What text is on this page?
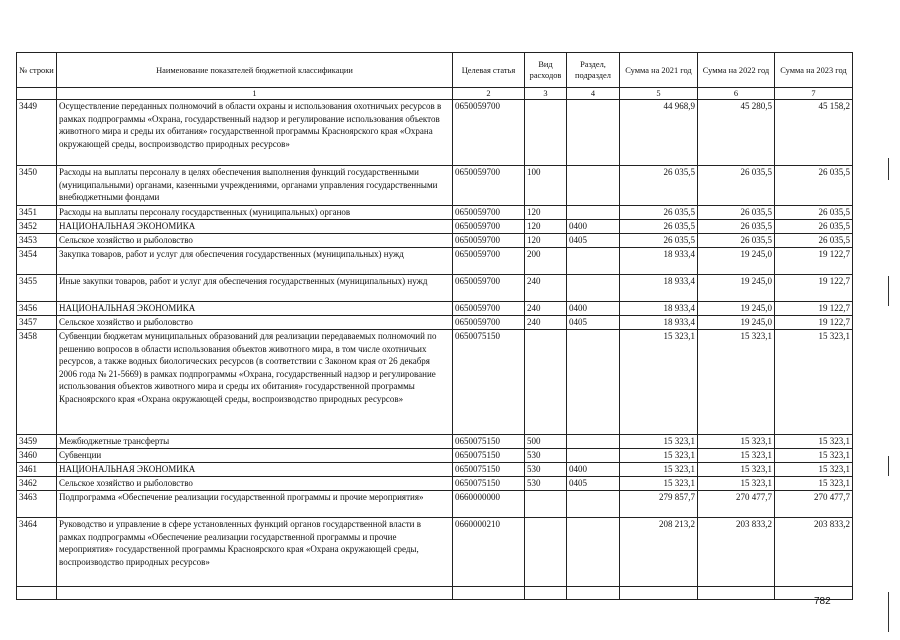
№ строки	Наименование показателей бюджетной классификации	Целевая статья	Вид расходов	Раздел, подраздел	Сумма на 2021 год	Сумма на 2022 год	Сумма на 2023 год
	1	2	3	4	5	6	7
3449	Осуществление переданных полномочий в области охраны и использования охотничьих ресурсов в рамках подпрограммы «Охрана, государственный надзор и регулирование использования объектов животного мира и среды их обитания» государственной программы Красноярского края «Охрана окружающей среды, воспроизводство природных ресурсов»	0650059700			44 968,9	45 280,5	45 158,2
3450	Расходы на выплаты персоналу в целях обеспечения выполнения функций государственными (муниципальными) органами, казенными учреждениями, органами управления государственными внебюджетными фондами	0650059700	100		26 035,5	26 035,5	26 035,5
3451	Расходы на выплаты персоналу государственных (муниципальных) органов	0650059700	120		26 035,5	26 035,5	26 035,5
3452	НАЦИОНАЛЬНАЯ ЭКОНОМИКА	0650059700	120	0400	26 035,5	26 035,5	26 035,5
3453	Сельское хозяйство и рыболовство	0650059700	120	0405	26 035,5	26 035,5	26 035,5
3454	Закупка товаров, работ и услуг для обеспечения государственных (муниципальных) нужд	0650059700	200		18 933,4	19 245,0	19 122,7
3455	Иные закупки товаров, работ и услуг для обеспечения государственных (муниципальных) нужд	0650059700	240		18 933,4	19 245,0	19 122,7
3456	НАЦИОНАЛЬНАЯ ЭКОНОМИКА	0650059700	240	0400	18 933,4	19 245,0	19 122,7
3457	Сельское хозяйство и рыболовство	0650059700	240	0405	18 933,4	19 245,0	19 122,7
3458	Субвенции бюджетам муниципальных образований для реализации передаваемых полномочий по решению вопросов в области использования объектов животного мира, в том числе охотничьих ресурсов, а также водных биологических ресурсов (в соответствии с Законом края от 26 декабря 2006 года № 21-5669) в рамках подпрограммы «Охрана, государственный надзор и регулирование использования объектов животного мира и среды их обитания» государственной программы Красноярского края «Охрана окружающей среды, воспроизводство природных ресурсов»	0650075150			15 323,1	15 323,1	15 323,1
3459	Межбюджетные трансферты	0650075150	500		15 323,1	15 323,1	15 323,1
3460	Субвенции	0650075150	530		15 323,1	15 323,1	15 323,1
3461	НАЦИОНАЛЬНАЯ ЭКОНОМИКА	0650075150	530	0400	15 323,1	15 323,1	15 323,1
3462	Сельское хозяйство и рыболовство	0650075150	530	0405	15 323,1	15 323,1	15 323,1
3463	Подпрограмма «Обеспечение реализации государственной программы и прочие мероприятия»	0660000000			279 857,7	270 477,7	270 477,7
3464	Руководство и управление в сфере установленных функций органов государственной власти в рамках подпрограммы «Обеспечение реализации государственной программы и прочие мероприятия» государственной программы Красноярского края «Охрана окружающей среды, воспроизводство природных ресурсов»	0660000210			208 213,2	203 833,2	203 833,2

782
